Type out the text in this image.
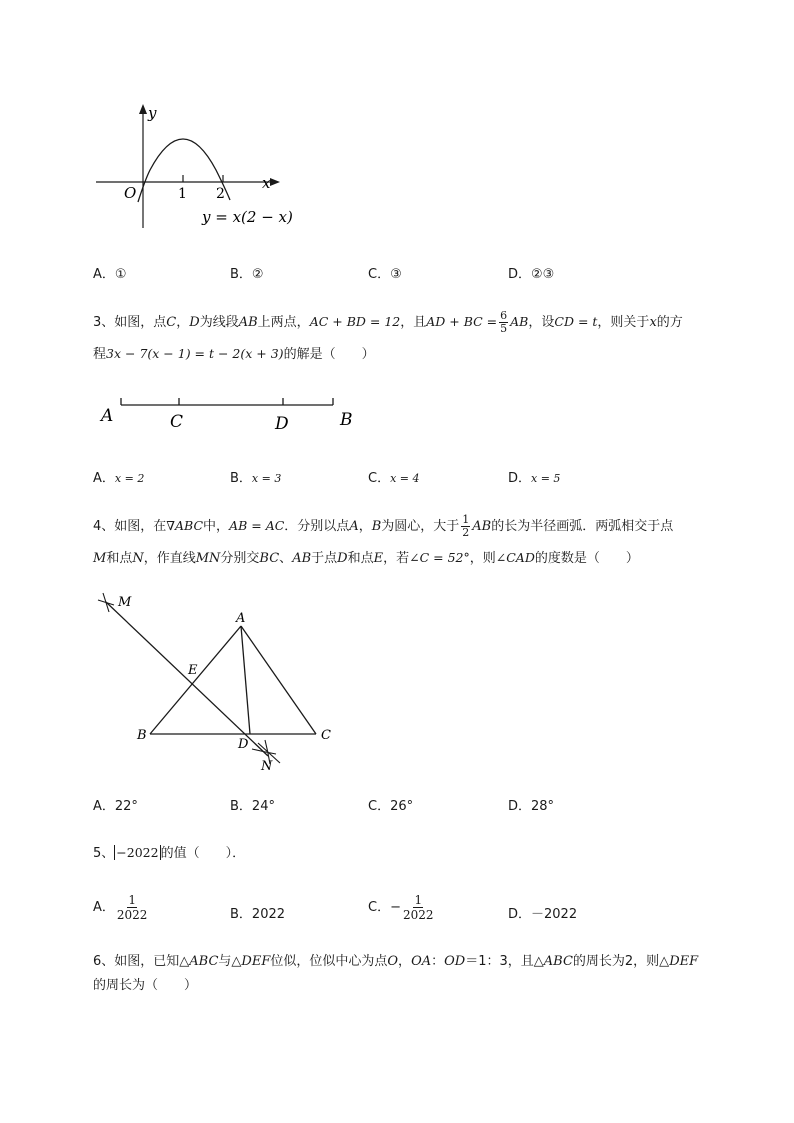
y
x
O	1 2
y = x(2 − x)
A．①	B．②	C．③	D．②③
3、如图，点C，D为线段AB上两点，AC + BD = 12，且AD + BC = $\frac{6}{5}$ AB，设CD = t，则关于x的方
程3x − 7(x − 1) = t − 2(x + 3)的解是（　　）
A	C	D	B
A．x = 2	B．x = 3	C．x = 4	D．x = 5
4、如图，在∇ABC中，AB = AC．分别以点A，B为圆心，大于 $\frac{1}{2}$ AB的长为半径画弧．两弧相交于点
M和点N，作直线MN分别交BC、AB于点D和点E，若∠C = 52°，则∠CAD的度数是（　　）
M
A
E
B
D
C
N
A．22°	B．24°	C．26°	D．28°
5、 −2022 的值（　　）．
A． $\frac{1}{2022}$	B．2022	C．− $\frac{1}{2022}$	D．－2022
6、如图，已知△ABC与△DEF位似，位似中心为点O，OA：OD＝1：3，且△ABC的周长为2，则△DEF
的周长为（　　）
